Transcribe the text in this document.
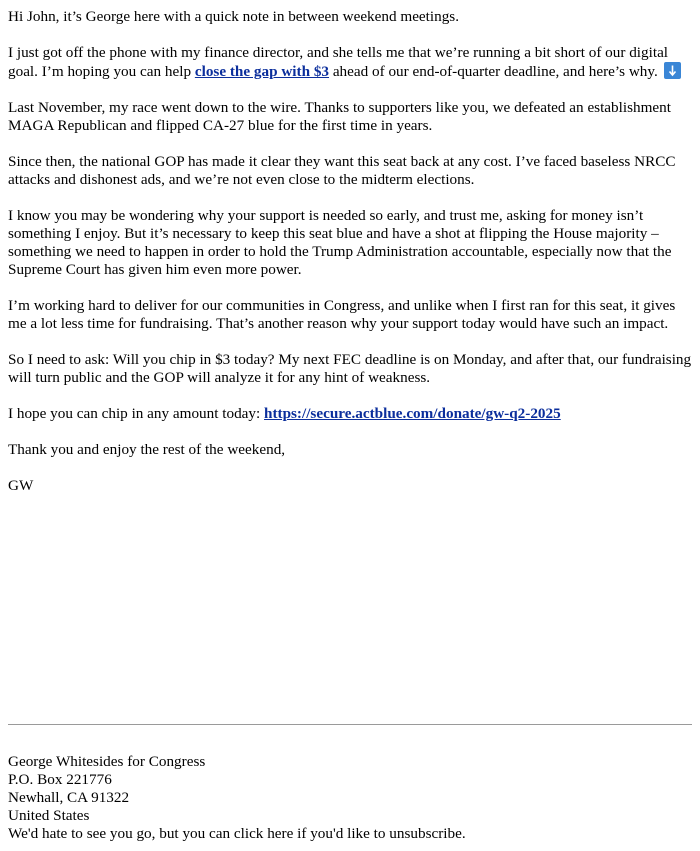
Hi John, it’s George here with a quick note in between weekend meetings.

I just got off the phone with my finance director, and she tells me that we’re running a bit short of our digital goal. I’m hoping you can help close the gap with $3 ahead of our end-of-quarter deadline, and here’s why.

Last November, my race went down to the wire. Thanks to supporters like you, we defeated an establishment MAGA Republican and flipped CA-27 blue for the first time in years.

Since then, the national GOP has made it clear they want this seat back at any cost. I’ve faced baseless NRCC attacks and dishonest ads, and we’re not even close to the midterm elections.

I know you may be wondering why your support is needed so early, and trust me, asking for money isn’t something I enjoy. But it’s necessary to keep this seat blue and have a shot at flipping the House majority – something we need to happen in order to hold the Trump Administration accountable, especially now that the Supreme Court has given him even more power.

I’m working hard to deliver for our communities in Congress, and unlike when I first ran for this seat, it gives me a lot less time for fundraising. That’s another reason why your support today would have such an impact.

So I need to ask: Will you chip in $3 today? My next FEC deadline is on Monday, and after that, our fundraising will turn public and the GOP will analyze it for any hint of weakness.

I hope you can chip in any amount today: https://secure.actblue.com/donate/gw-q2-2025

Thank you and enjoy the rest of the weekend,

GW

George Whitesides for Congress
P.O. Box 221776
Newhall, CA 91322
United States
We'd hate to see you go, but you can click here if you'd like to unsubscribe.
